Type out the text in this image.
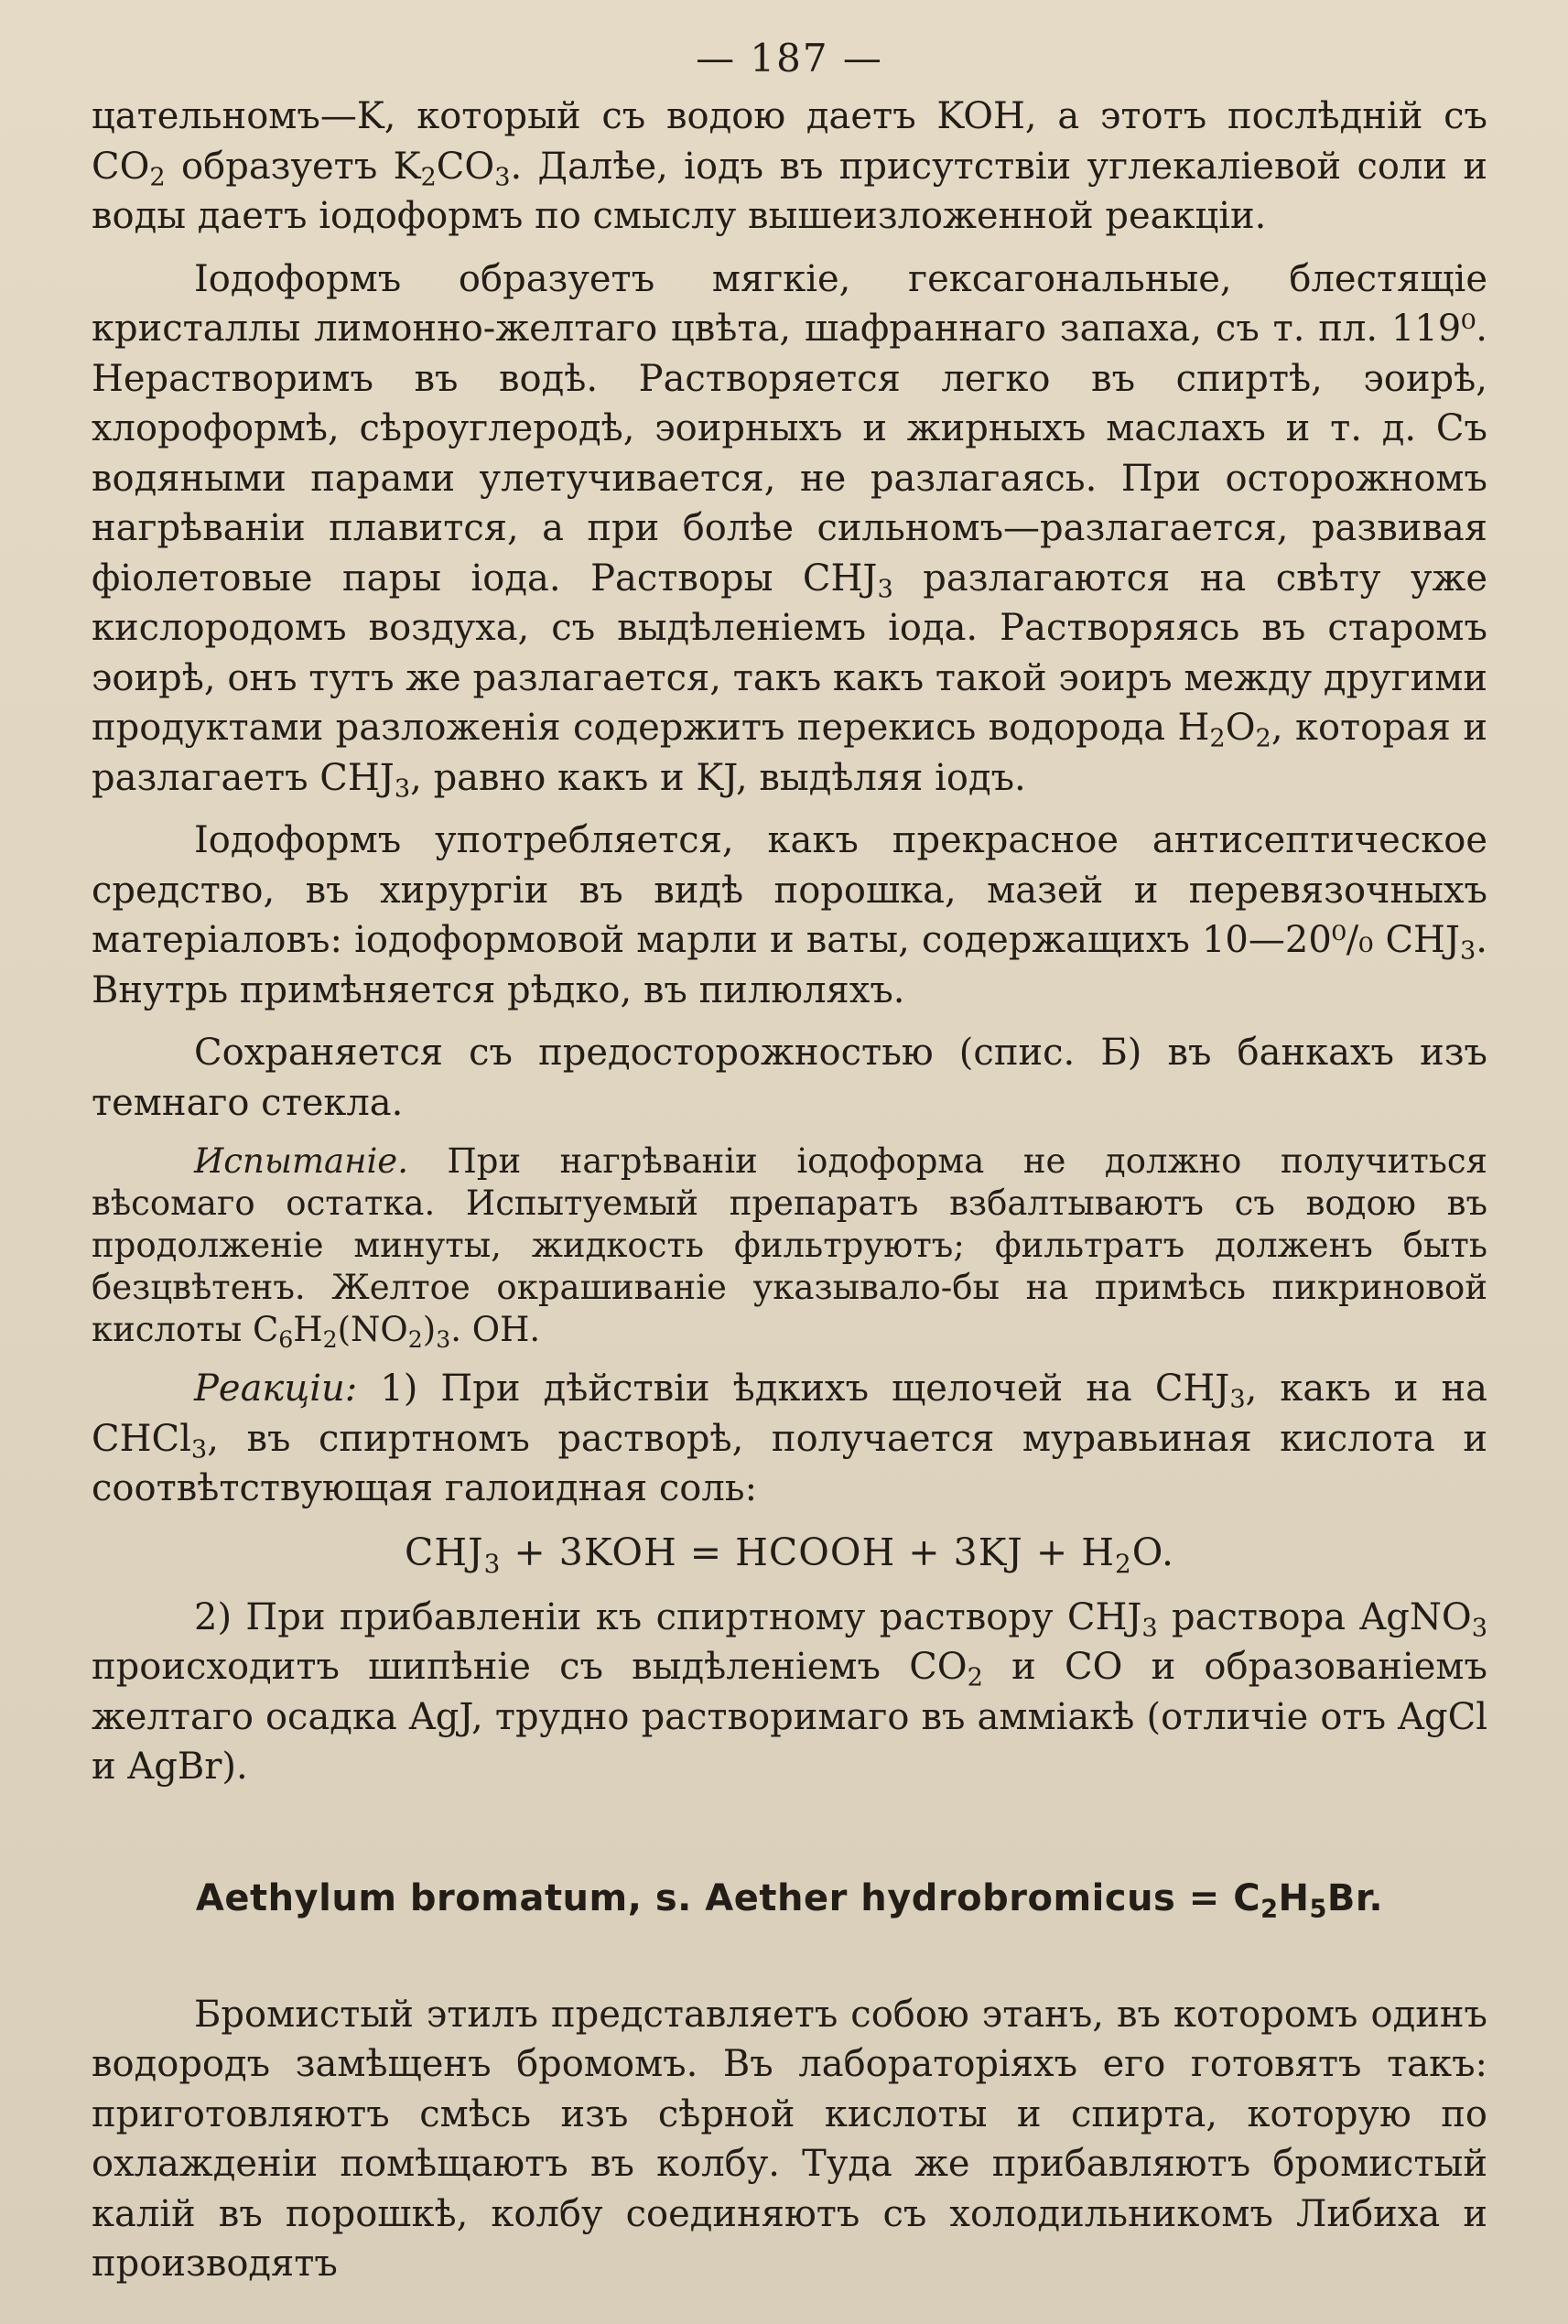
— 187 —

цательномъ—K, который съ водою даетъ KOH, а этотъ послѣдній съ $CO_2$ образуетъ $K_2CO_3$. Далѣе, іодъ въ присутствіи углекаліевой соли и воды даетъ іодоформъ по смыслу вышеизложенной реакціи.

Іодоформъ образуетъ мягкіе, гексагональные, блестящіе кристаллы лимонно-желтаго цвѣта, шафраннаго запаха, съ т. пл. 119⁰. Нерастворимъ въ водѣ. Растворяется легко въ спиртѣ, эоирѣ, хлороформѣ, сѣроуглеродѣ, эоирныхъ и жирныхъ маслахъ и т. д. Съ водяными парами улетучивается, не разлагаясь. При осторожномъ нагрѣваніи плавится, а при болѣе сильномъ—разлагается, развивая фіолетовые пары іода. Растворы $CHJ_3$ разлагаются на свѣту уже кислородомъ воздуха, съ выдѣленіемъ іода. Растворяясь въ старомъ эоирѣ, онъ тутъ же разлагается, такъ какъ такой эоиръ между другими продуктами разложенія содержитъ перекись водорода $H_2O_2$, которая и разлагаетъ $CHJ_3$, равно какъ и KJ, выдѣляя іодъ.

Іодоформъ употребляется, какъ прекрасное антисептическое средство, въ хирургіи въ видѣ порошка, мазей и перевязочныхъ матеріаловъ: іодоформовой марли и ваты, содержащихъ 10—20⁰/₀ $CHJ_3$. Внутрь примѣняется рѣдко, въ пилюляхъ.

Сохраняется съ предосторожностью (спис. Б) въ банкахъ изъ темнаго стекла.

Испытаніе. При нагрѣваніи іодоформа не должно получиться вѣсомаго остатка. Испытуемый препаратъ взбалтываютъ съ водою въ продолженіе минуты, жидкость фильтруютъ; фильтратъ долженъ быть безцвѣтенъ. Желтое окрашиваніе указывало-бы на примѣсь пикриновой кислоты $C_6H_2(NO_2)_3$. OH.

Реакціи: 1) При дѣйствіи ѣдкихъ щелочей на $CHJ_3$, какъ и на CHCl$_3$, въ спиртномъ растворѣ, получается муравьиная кислота и соотвѣтствующая галоидная соль:

$CHJ_3 + 3KOH$ = HCOOH + $3KJ + H_2O$.

2) При прибавленіи къ спиртному раствору $CHJ_3$ раствора AgNO$_3$ происходитъ шипѣніе съ выдѣленіемъ $CO_2$ и CO и образованіемъ желтаго осадка AgJ, трудно растворимаго въ амміакѣ (отличіе отъ AgCl и AgBr).

Aethylum bromatum, s. Aether hydrobromicus = $C_2H_5Br$.

Бромистый этилъ представляетъ собою этанъ, въ которомъ одинъ водородъ замѣщенъ бромомъ. Въ лабораторіяхъ его готовятъ такъ: приготовляютъ смѣсь изъ сѣрной кислоты и спирта, которую по охлажденіи помѣщаютъ въ колбу. Туда же прибавляютъ бромистый калій въ порошкѣ, колбу соединяютъ съ холодильникомъ Либиха и производятъ
